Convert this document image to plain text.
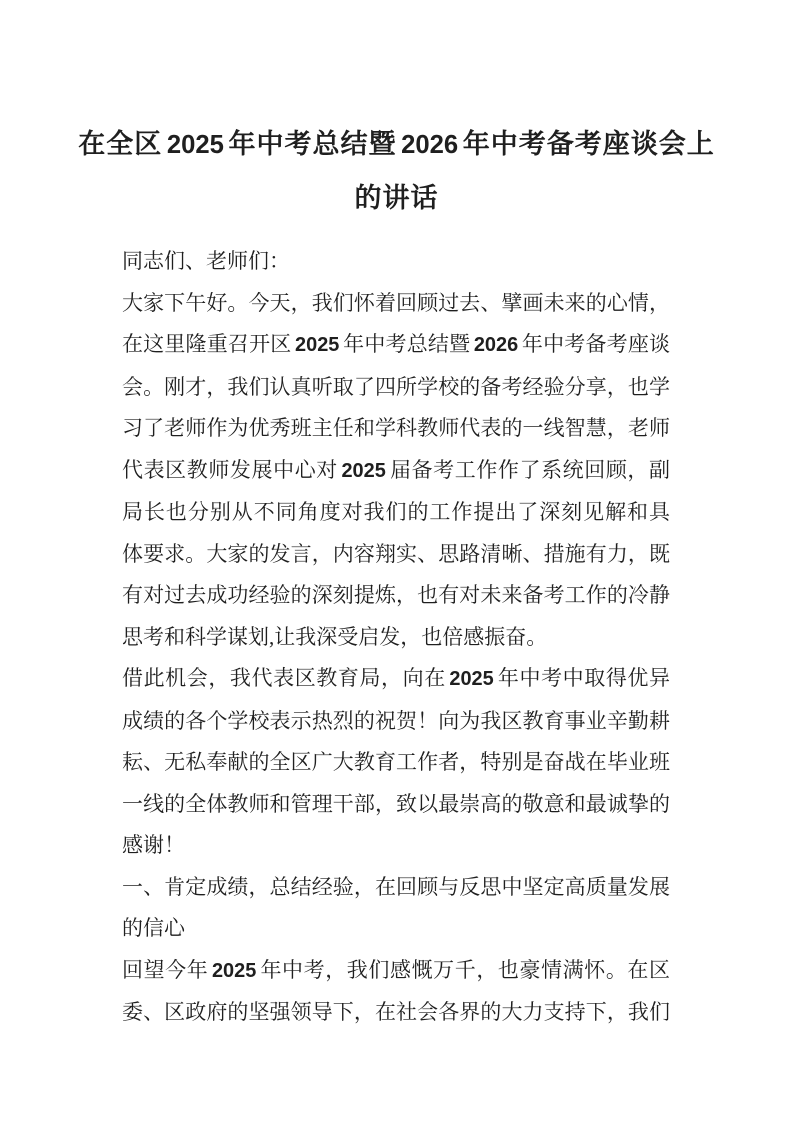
在全区 2025 年中考总结暨 2026 年中考备考座谈会上
的讲话
同志们、老师们：
大家下午好。今天，我们怀着回顾过去、擘画未来的心情，
在这里隆重召开区 2025 年中考总结暨 2026 年中考备考座谈
会。刚才，我们认真听取了四所学校的备考经验分享，也学
习了老师作为优秀班主任和学科教师代表的一线智慧，老师
代表区教师发展中心对 2025 届备考工作作了系统回顾，副
局长也分别从不同角度对我们的工作提出了深刻见解和具
体要求。大家的发言，内容翔实、思路清晰、措施有力，既
有对过去成功经验的深刻提炼，也有对未来备考工作的冷静
思考和科学谋划,让我深受启发，也倍感振奋。
借此机会，我代表区教育局，向在 2025 年中考中取得优异
成绩的各个学校表示热烈的祝贺！向为我区教育事业辛勤耕
耘、无私奉献的全区广大教育工作者，特别是奋战在毕业班
一线的全体教师和管理干部，致以最崇高的敬意和最诚挚的
感谢！
一、肯定成绩，总结经验，在回顾与反思中坚定高质量发展
的信心
回望今年 2025 年中考，我们感慨万千，也豪情满怀。在区
委、区政府的坚强领导下，在社会各界的大力支持下，我们
